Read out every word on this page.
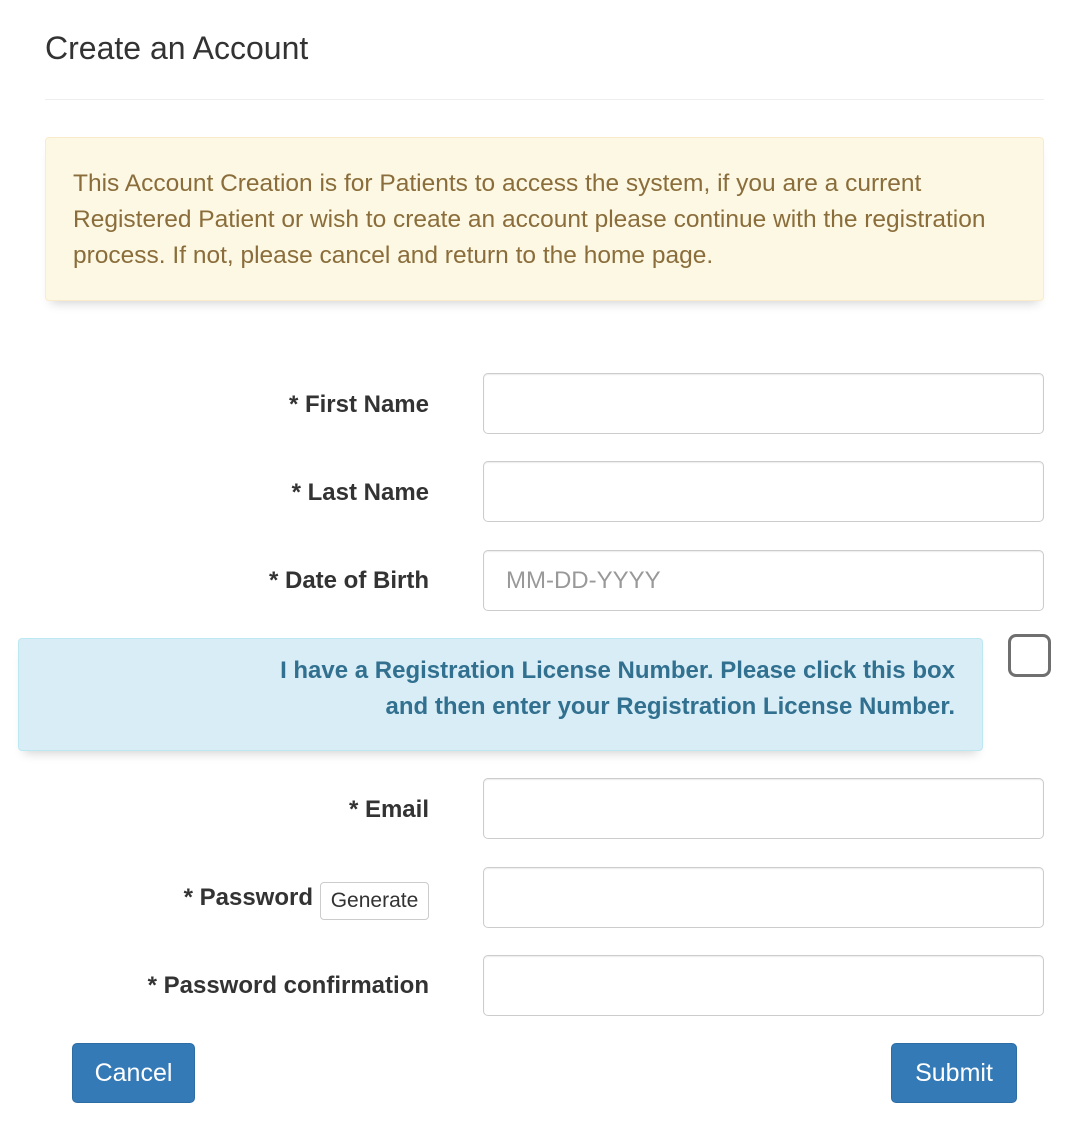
Create an Account
This Account Creation is for Patients to access the system, if you are a current Registered Patient or wish to create an account please continue with the registration process. If not, please cancel and return to the home page.
* First Name
* Last Name
* Date of Birth
MM-DD-YYYY
I have a Registration License Number. Please click this box
and then enter your Registration License Number.
* Email
* Password Generate
* Password confirmation
Cancel	Submit
